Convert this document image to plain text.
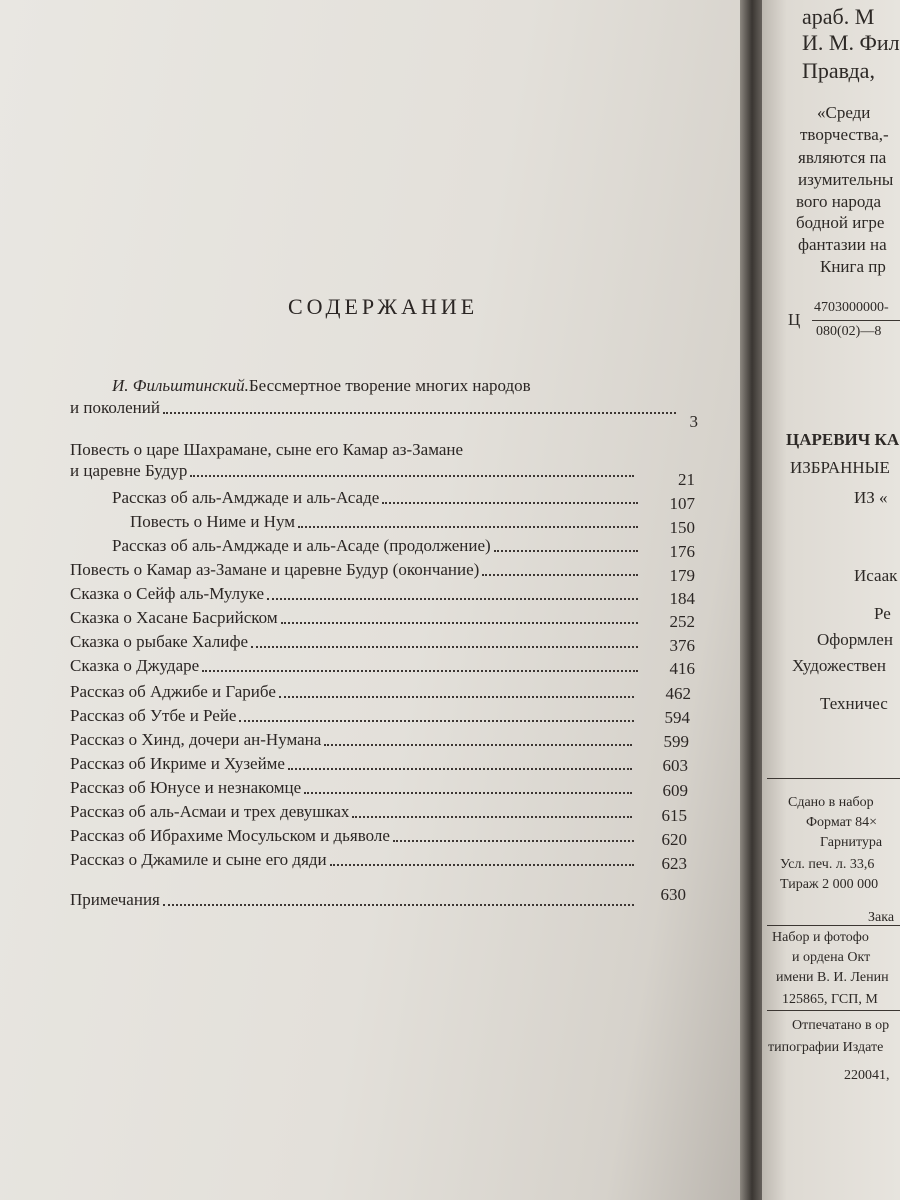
СОДЕРЖАНИЕ
И. Фильштинский. Бессмертное творение многих народов
и поколений
3
Повесть о царе Шахрамане, сыне его Камар аз-Замане
и царевне Будур	21
Рассказ об аль-Амджаде и аль-Асаде	107
Повесть о Ниме и Нум	150
Рассказ об аль-Амджаде и аль-Асаде (продолжение)	176
Повесть о Камар аз-Замане и царевне Будур (окончание)	179
Сказка о Сейф аль-Мулуке	184
Сказка о Хасане Басрийском	252
Сказка о рыбаке Халифе	376
Сказка о Джударе	416
Рассказ об Аджибе и Гарибе	462
Рассказ об Утбе и Рейе	594
Рассказ о Хинд, дочери ан-Нумана	599
Рассказ об Икриме и Хузейме	603
Рассказ об Юнусе и незнакомце	609
Рассказ об аль-Асмаи и трех девушках	615
Рассказ об Ибрахиме Мосульском и дьяволе	620
Рассказ о Джамиле и сыне его дяди	623
Примечания	630
араб. М
И. М. Фил
Правда,
«Среди
творчества,-
являются па
изумительны
вого народа
бодной игре
фантазии на
Книга пр
4703000000-
Ц
080(02)—8
ЦАРЕВИЧ КА
ИЗБРАННЫЕ
ИЗ «
Исаак
Ре
Оформлен
Художествен
Техничес
Сдано в набор
Формат 84×
Гарнитура
Усл. печ. л. 33,6
Тираж 2 000 000
Зака
Набор и фотофо
и ордена Окт
имени В. И. Ленин
125865, ГСП, М
Отпечатано в ор
типографии Издате
220041,
